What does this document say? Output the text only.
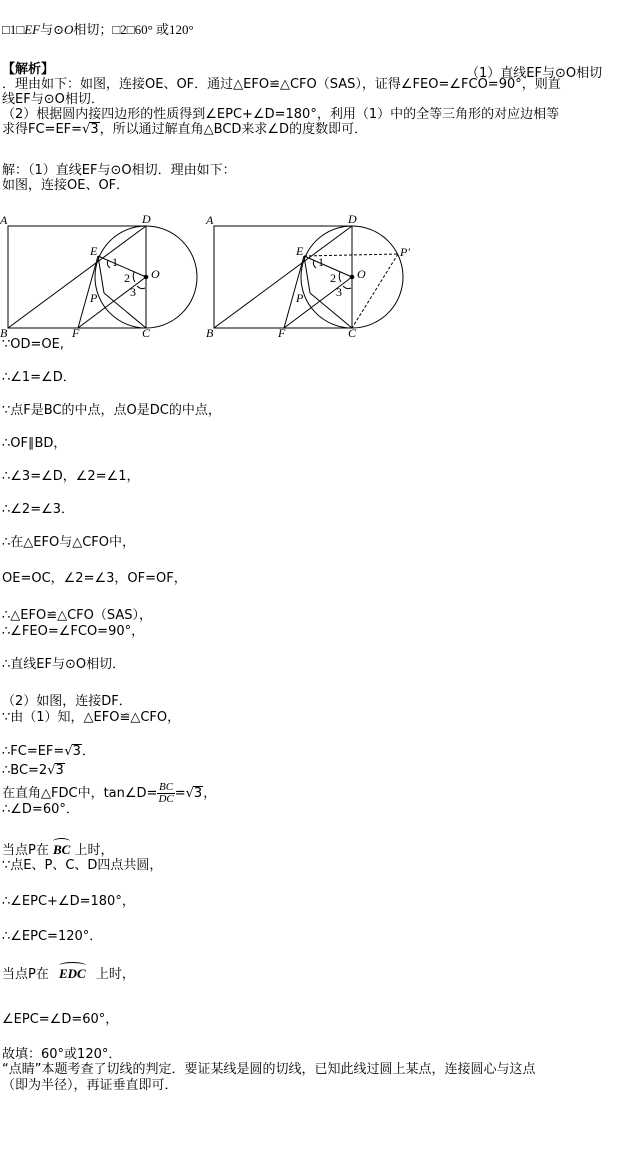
□1□EF与⊙O相切；□2□60° 或120°
【解析】	（1）直线EF与⊙O相切
．理由如下：如图，连接OE、OF．通过△EFO≌△CFO（SAS），证得∠FEO=∠FCO=90°，则直
线EF与⊙O相切．
（2）根据圆内接四边形的性质得到∠EPC+∠D=180°，利用（1）中的全等三角形的对应边相等
求得FC=EF=√3，所以通过解直角△BCD来求∠D的度数即可．
解：（1）直线EF与⊙O相切．理由如下：
如图，连接OE、OF．
A	D
B	F	C
E
O
P
1
2
3
A	D
B	F	C
E
O
P
P'
1
2
3
∵OD=OE,
∴∠1=∠D．
∵点F是BC的中点，点O是DC的中点，
∴OF∥BD，
∴∠3=∠D，∠2=∠1，
∴∠2=∠3．
∴在△EFO与△CFO中，
OE=OC，∠2=∠3，OF=OF，
∴△EFO≌△CFO（SAS），
∴∠FEO=∠FCO=90°，
∴直线EF与⊙O相切．
（2）如图，连接DF．
∵由（1）知，△EFO≌△CFO，
∴FC=EF=√3．
∴BC=2√3
在直角△FDC中，tan∠D= $\frac{BC}{DC} =√3$，
∴∠D=60°．
当点P在 BC 上时，
∵点E、P、C、D四点共圆，
∴∠EPC+∠D=180°，
∴∠EPC=120°．
当点P在 EDC 上时，
∠EPC=∠D=60°，
故填：60°或120°．
“点睛”本题考查了切线的判定．要证某线是圆的切线，已知此线过圆上某点，连接圆心与这点
（即为半径），再证垂直即可．
